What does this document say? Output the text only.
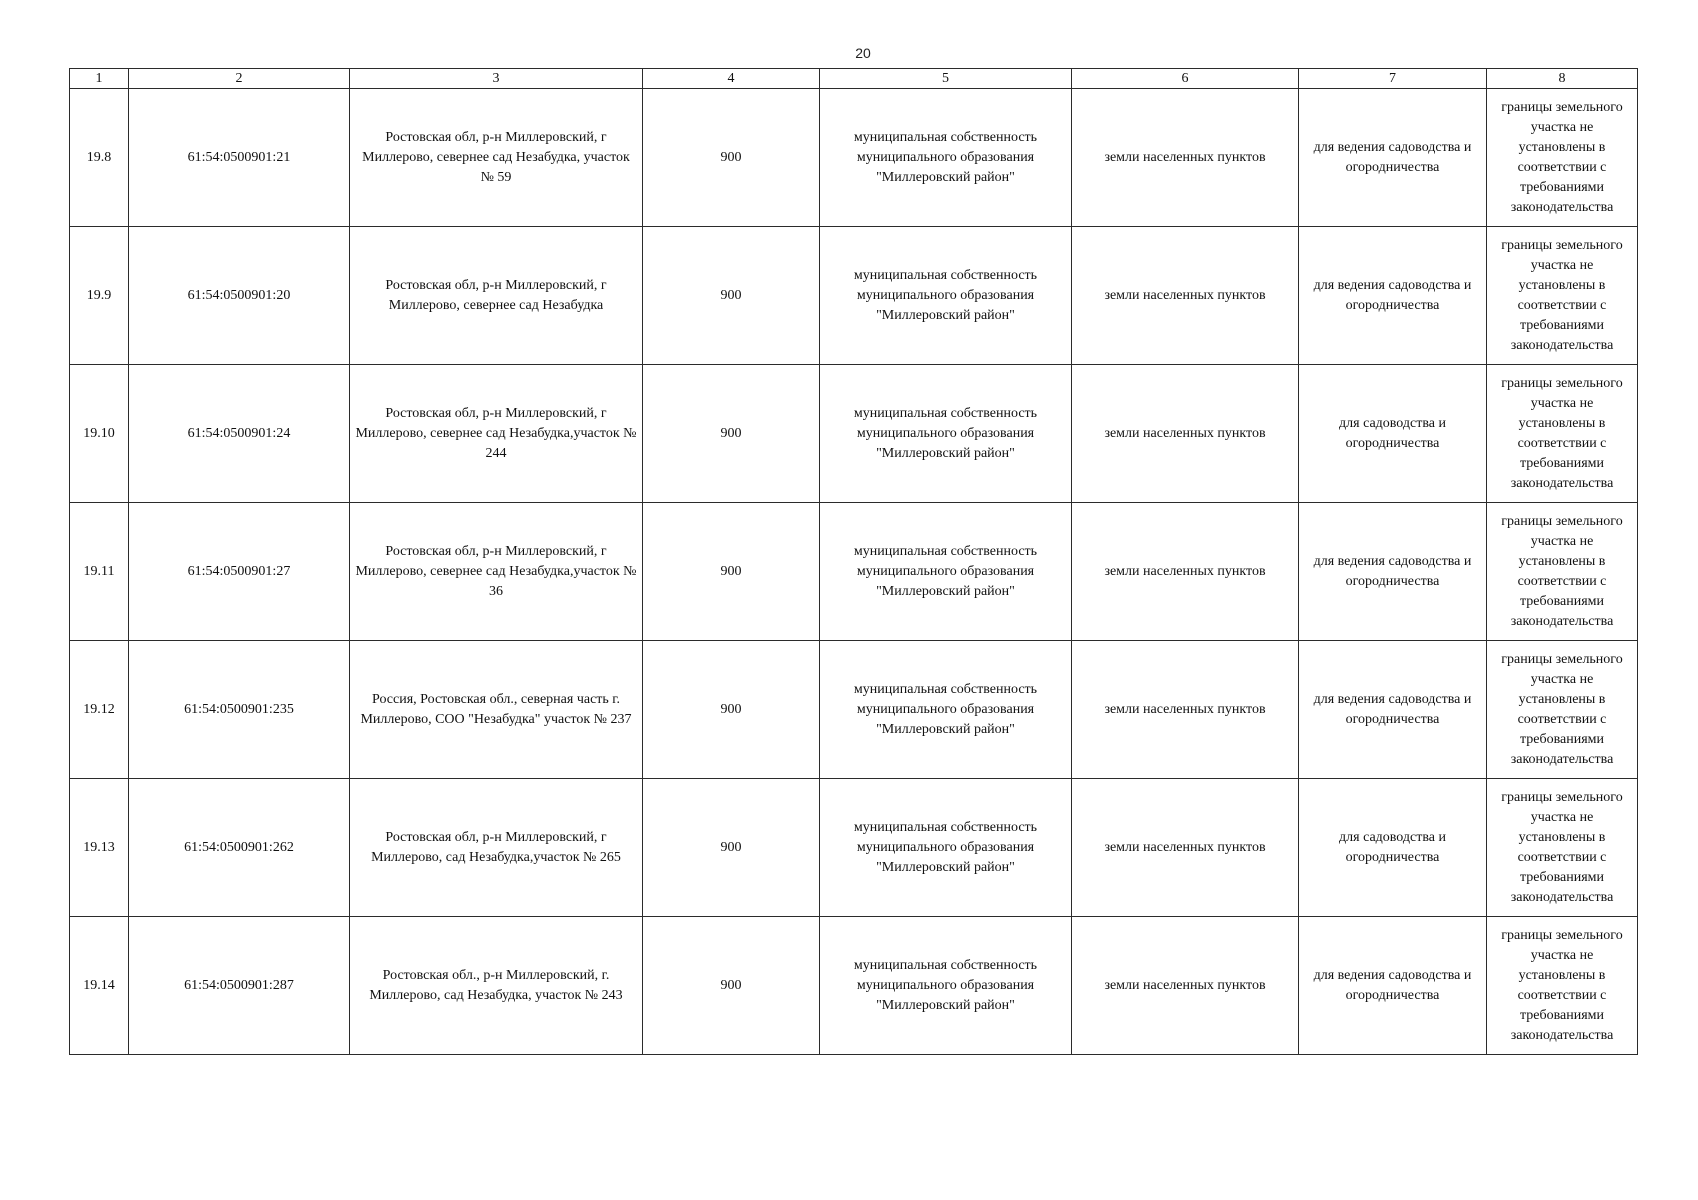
20
1	2	3	4	5	6	7	8
19.8	61:54:0500901:21	Ростовская обл, р-н Миллеровский, г Миллерово, севернее сад Незабудка, участок № 59	900	муниципальная собственность муниципального образования "Миллеровский район"	земли населенных пунктов	для ведения садоводства и огородничества	границы земельного участка не установлены в соответствии с требованиями законодательства
19.9	61:54:0500901:20	Ростовская обл, р-н Миллеровский, г Миллерово, севернее сад Незабудка	900	муниципальная собственность муниципального образования "Миллеровский район"	земли населенных пунктов	для ведения садоводства и огородничества	границы земельного участка не установлены в соответствии с требованиями законодательства
19.10	61:54:0500901:24	Ростовская обл, р-н Миллеровский, г Миллерово, севернее сад Незабудка,участок № 244	900	муниципальная собственность муниципального образования "Миллеровский район"	земли населенных пунктов	для садоводства и огородничества	границы земельного участка не установлены в соответствии с требованиями законодательства
19.11	61:54:0500901:27	Ростовская обл, р-н Миллеровский, г Миллерово, севернее сад Незабудка,участок № 36	900	муниципальная собственность муниципального образования "Миллеровский район"	земли населенных пунктов	для ведения садоводства и огородничества	границы земельного участка не установлены в соответствии с требованиями законодательства
19.12	61:54:0500901:235	Россия, Ростовская обл., северная часть г. Миллерово, СОО "Незабудка" участок № 237	900	муниципальная собственность муниципального образования "Миллеровский район"	земли населенных пунктов	для ведения садоводства и огородничества	границы земельного участка не установлены в соответствии с требованиями законодательства
19.13	61:54:0500901:262	Ростовская обл, р-н Миллеровский, г Миллерово, сад Незабудка,участок № 265	900	муниципальная собственность муниципального образования "Миллеровский район"	земли населенных пунктов	для садоводства и огородничества	границы земельного участка не установлены в соответствии с требованиями законодательства
19.14	61:54:0500901:287	Ростовская обл., р-н Миллеровский, г. Миллерово, сад Незабудка, участок № 243	900	муниципальная собственность муниципального образования "Миллеровский район"	земли населенных пунктов	для ведения садоводства и огородничества	границы земельного участка не установлены в соответствии с требованиями законодательства
